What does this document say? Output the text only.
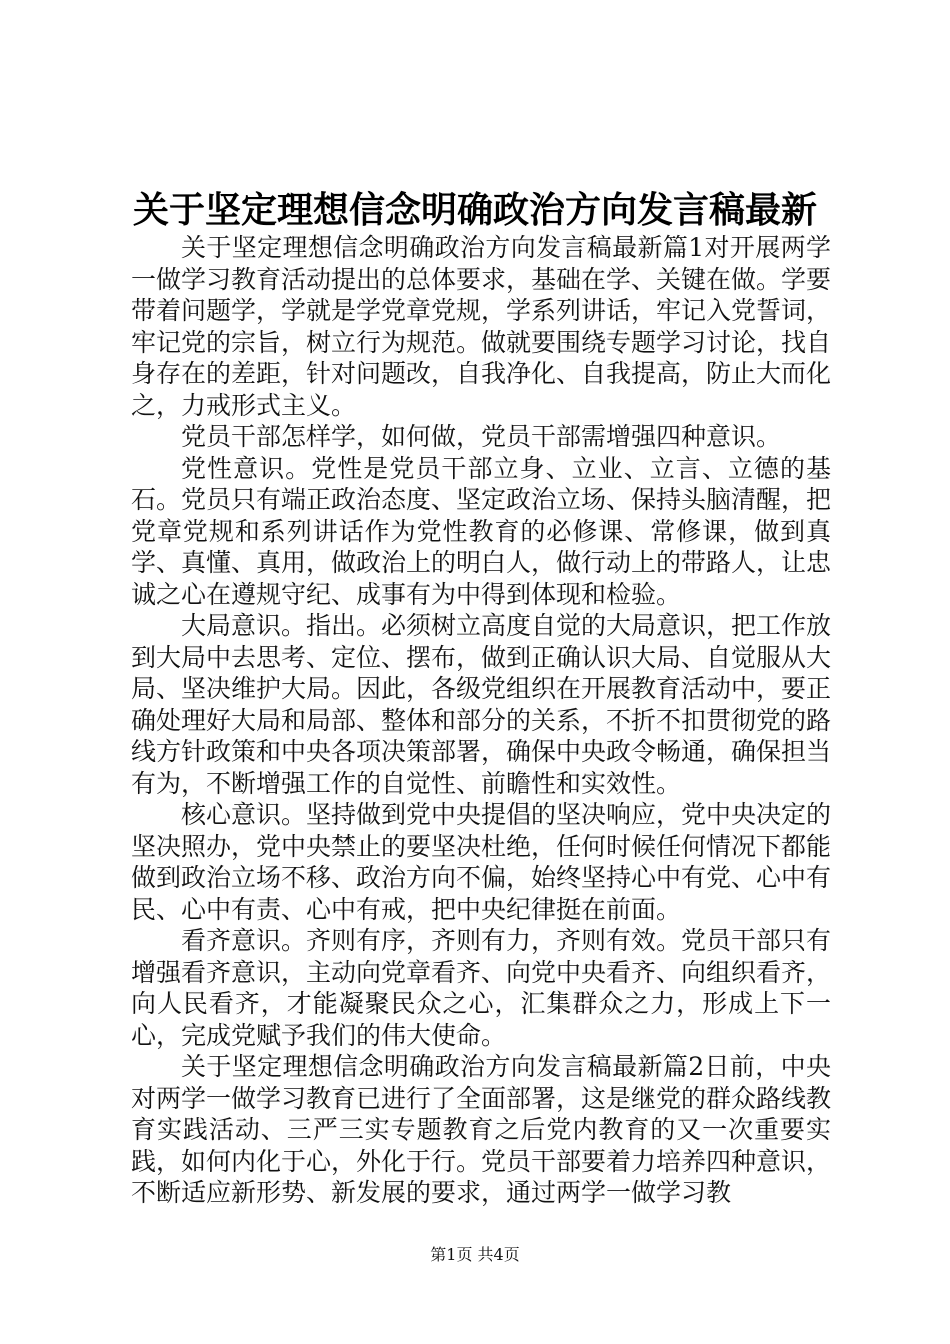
关于坚定理想信念明确政治方向发言稿最新

关于坚定理想信念明确政治方向发言稿最新篇1对开展两学一做学习教育活动提出的总体要求，基础在学、关键在做。学要带着问题学，学就是学党章党规，学系列讲话，牢记入党誓词，牢记党的宗旨，树立行为规范。做就要围绕专题学习讨论，找自身存在的差距，针对问题改，自我净化、自我提高，防止大而化之，力戒形式主义。

党员干部怎样学，如何做，党员干部需增强四种意识。

党性意识。党性是党员干部立身、立业、立言、立德的基石。党员只有端正政治态度、坚定政治立场、保持头脑清醒，把党章党规和系列讲话作为党性教育的必修课、常修课，做到真学、真懂、真用，做政治上的明白人，做行动上的带路人，让忠诚之心在遵规守纪、成事有为中得到体现和检验。

大局意识。指出。必须树立高度自觉的大局意识，把工作放到大局中去思考、定位、摆布，做到正确认识大局、自觉服从大局、坚决维护大局。因此，各级党组织在开展教育活动中，要正确处理好大局和局部、整体和部分的关系，不折不扣贯彻党的路线方针政策和中央各项决策部署，确保中央政令畅通，确保担当有为，不断增强工作的自觉性、前瞻性和实效性。

核心意识。坚持做到党中央提倡的坚决响应，党中央决定的坚决照办，党中央禁止的要坚决杜绝，任何时候任何情况下都能做到政治立场不移、政治方向不偏，始终坚持心中有党、心中有民、心中有责、心中有戒，把中央纪律挺在前面。

看齐意识。齐则有序，齐则有力，齐则有效。党员干部只有增强看齐意识，主动向党章看齐、向党中央看齐、向组织看齐，向人民看齐，才能凝聚民众之心，汇集群众之力，形成上下一心，完成党赋予我们的伟大使命。

关于坚定理想信念明确政治方向发言稿最新篇2日前，中央对两学一做学习教育已进行了全面部署，这是继党的群众路线教育实践活动、三严三实专题教育之后党内教育的又一次重要实践，如何内化于心，外化于行。党员干部要着力培养四种意识，不断适应新形势、新发展的要求，通过两学一做学习教

第1页 共4页
